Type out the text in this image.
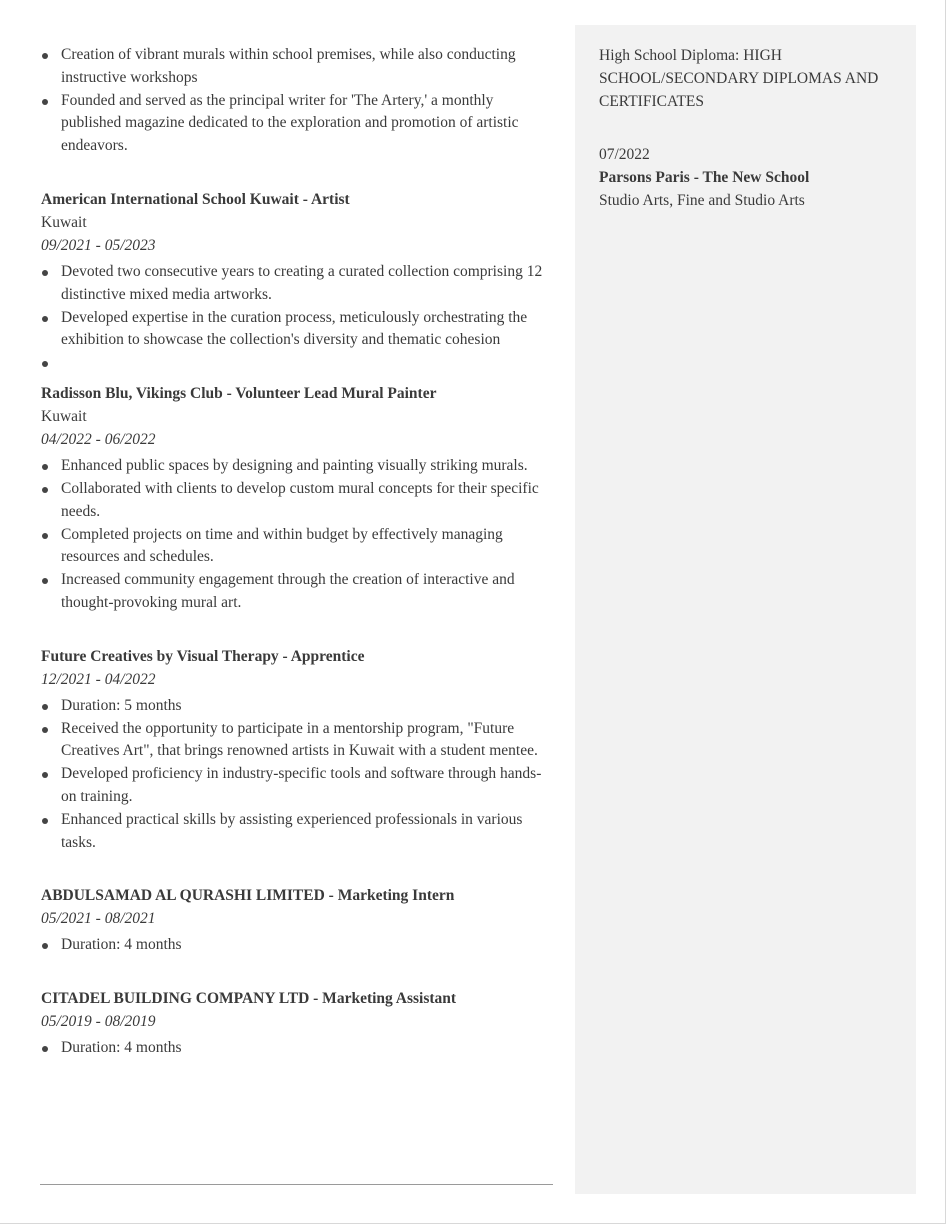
Creation of vibrant murals within school premises, while also conducting instructive workshops
Founded and served as the principal writer for 'The Artery,' a monthly published magazine dedicated to the exploration and promotion of artistic endeavors.
American International School Kuwait - Artist
Kuwait
09/2021 - 05/2023
Devoted two consecutive years to creating a curated collection comprising 12 distinctive mixed media artworks.
Developed expertise in the curation process, meticulously orchestrating the exhibition to showcase the collection's diversity and thematic cohesion
Radisson Blu, Vikings Club - Volunteer Lead Mural Painter
Kuwait
04/2022 - 06/2022
Enhanced public spaces by designing and painting visually striking murals.
Collaborated with clients to develop custom mural concepts for their specific needs.
Completed projects on time and within budget by effectively managing resources and schedules.
Increased community engagement through the creation of interactive and thought-provoking mural art.
Future Creatives by Visual Therapy - Apprentice
12/2021 - 04/2022
Duration: 5 months
Received the opportunity to participate in a mentorship program, "Future Creatives Art", that brings renowned artists in Kuwait with a student mentee.
Developed proficiency in industry-specific tools and software through hands-on training.
Enhanced practical skills by assisting experienced professionals in various tasks.
ABDULSAMAD AL QURASHI LIMITED - Marketing Intern
05/2021 - 08/2021
Duration: 4 months
CITADEL BUILDING COMPANY LTD - Marketing Assistant
05/2019 - 08/2019
Duration: 4 months
High School Diploma: HIGH SCHOOL/SECONDARY DIPLOMAS AND CERTIFICATES
07/2022
Parsons Paris - The New School
Studio Arts, Fine and Studio Arts
